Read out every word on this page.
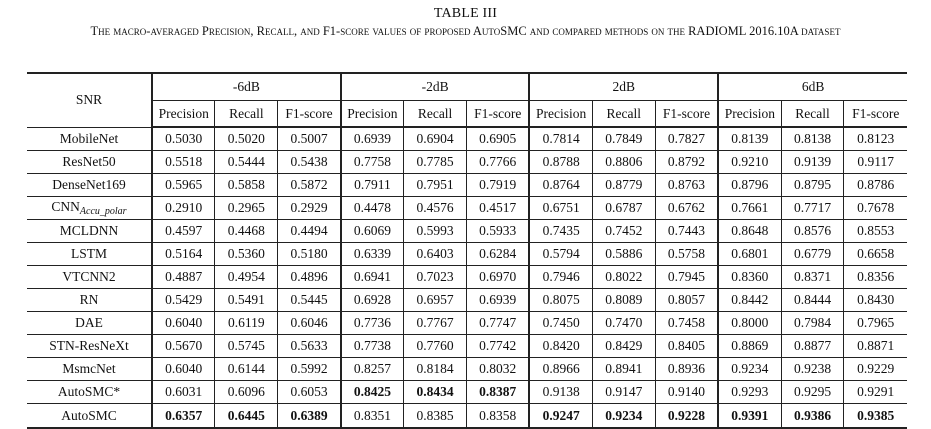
TABLE III
The macro-averaged Precision, Recall, and F1-score values of proposed AutoSMC and compared methods on the RADIOML 2016.10A dataset
SNR	-6dB			-2dB			2dB			6dB		
	Precision	Recall	F1-score	Precision	Recall	F1-score	Precision	Recall	F1-score	Precision	Recall	F1-score
MobileNet	0.5030	0.5020	0.5007	0.6939	0.6904	0.6905	0.7814	0.7849	0.7827	0.8139	0.8138	0.8123
ResNet50	0.5518	0.5444	0.5438	0.7758	0.7785	0.7766	0.8788	0.8806	0.8792	0.9210	0.9139	0.9117
DenseNet169	0.5965	0.5858	0.5872	0.7911	0.7951	0.7919	0.8764	0.8779	0.8763	0.8796	0.8795	0.8786
$CNN_{Accu\_polar}$	0.2910	0.2965	0.2929	0.4478	0.4576	0.4517	0.6751	0.6787	0.6762	0.7661	0.7717	0.7678
MCLDNN	0.4597	0.4468	0.4494	0.6069	0.5993	0.5933	0.7435	0.7452	0.7443	0.8648	0.8576	0.8553
LSTM	0.5164	0.5360	0.5180	0.6339	0.6403	0.6284	0.5794	0.5886	0.5758	0.6801	0.6779	0.6658
VTCNN2	0.4887	0.4954	0.4896	0.6941	0.7023	0.6970	0.7946	0.8022	0.7945	0.8360	0.8371	0.8356
RN	0.5429	0.5491	0.5445	0.6928	0.6957	0.6939	0.8075	0.8089	0.8057	0.8442	0.8444	0.8430
DAE	0.6040	0.6119	0.6046	0.7736	0.7767	0.7747	0.7450	0.7470	0.7458	0.8000	0.7984	0.7965
STN-ResNeXt	0.5670	0.5745	0.5633	0.7738	0.7760	0.7742	0.8420	0.8429	0.8405	0.8869	0.8877	0.8871
MsmcNet	0.6040	0.6144	0.5992	0.8257	0.8184	0.8032	0.8966	0.8941	0.8936	0.9234	0.9238	0.9229
AutoSMC*	0.6031	0.6096	0.6053	0.8425	0.8434	0.8387	0.9138	0.9147	0.9140	0.9293	0.9295	0.9291
AutoSMC	0.6357	0.6445	0.6389	0.8351	0.8385	0.8358	0.9247	0.9234	0.9228	0.9391	0.9386	0.9385
